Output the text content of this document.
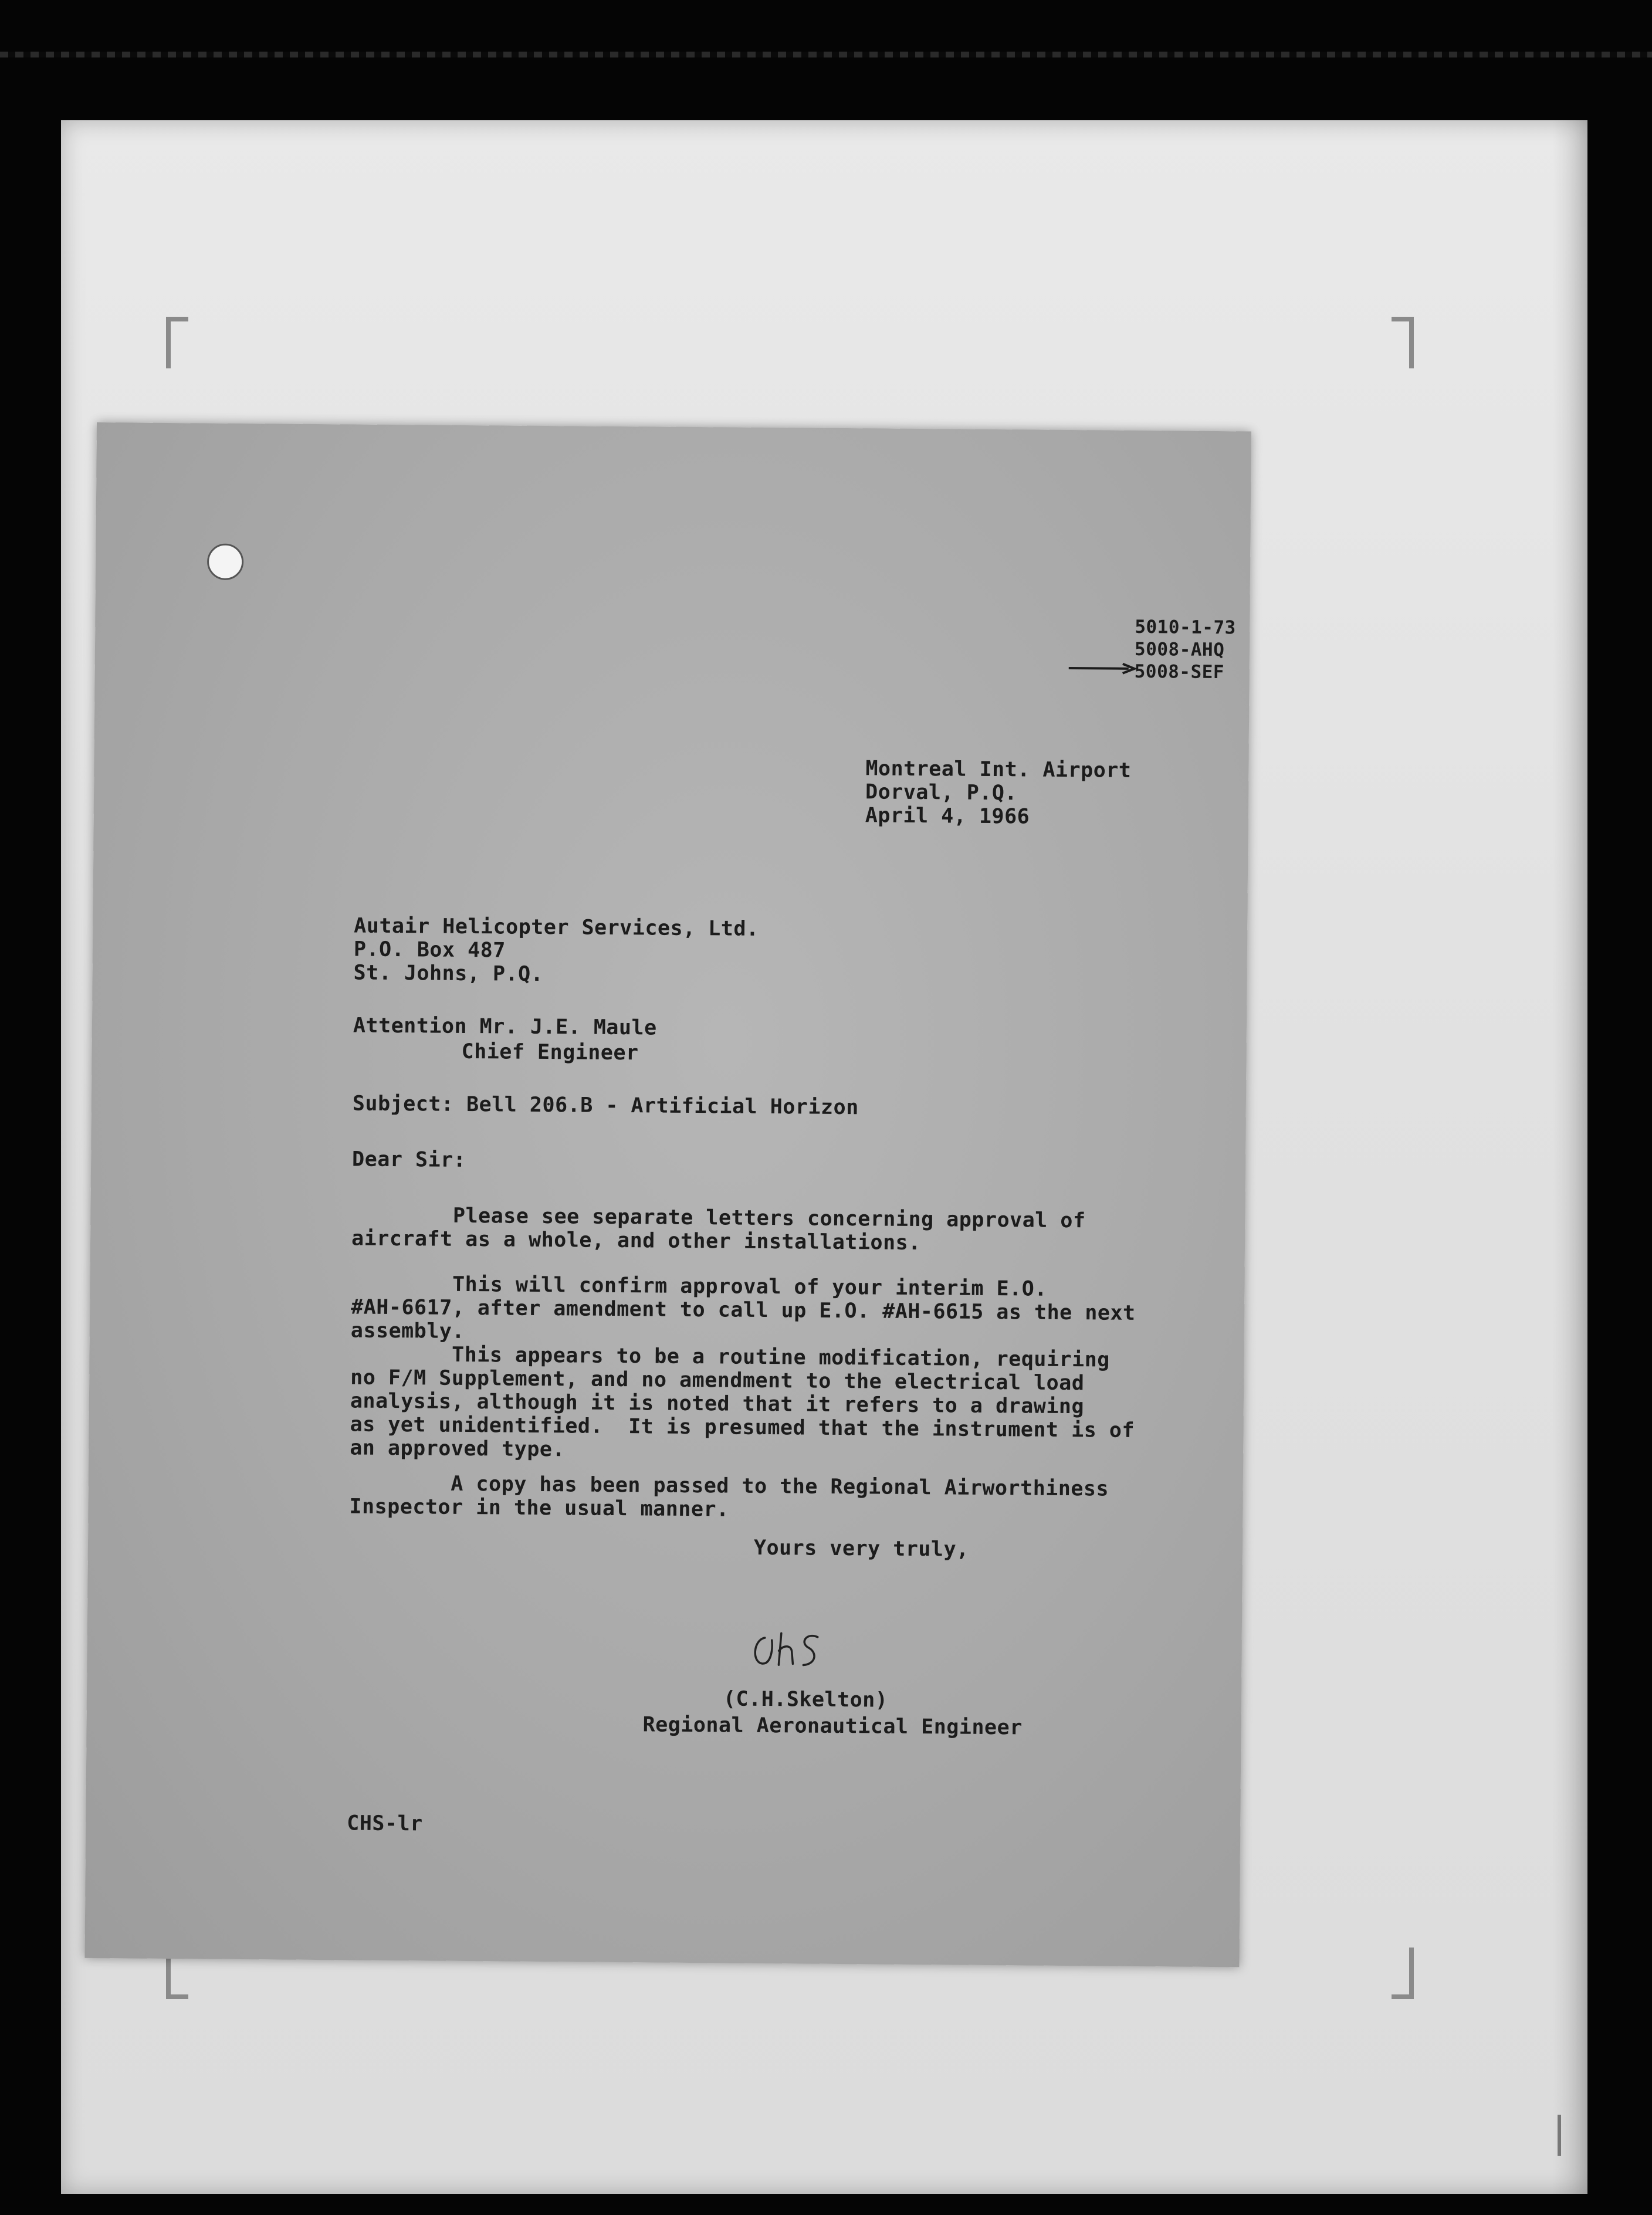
5010-1-73
5008-AHQ
5008-SEF
Montreal Int. Airport
Dorval, P.Q.
April 4, 1966
Autair Helicopter Services, Ltd.
P.O. Box 487
St. Johns, P.Q.
Attention Mr. J.E. Maule
Chief Engineer
Subject: Bell 206.B - Artificial Horizon
Dear Sir:
Please see separate letters concerning approval of
aircraft as a whole, and other installations.
This will confirm approval of your interim E.O.
#AH-6617, after amendment to call up E.O. #AH-6615 as the next
assembly.
This appears to be a routine modification, requiring
no F/M Supplement, and no amendment to the electrical load
analysis, although it is noted that it refers to a drawing
as yet unidentified.  It is presumed that the instrument is of
an approved type.
A copy has been passed to the Regional Airworthiness
Inspector in the usual manner.
Yours very truly,
(C.H.Skelton)
Regional Aeronautical Engineer
CHS-lr
